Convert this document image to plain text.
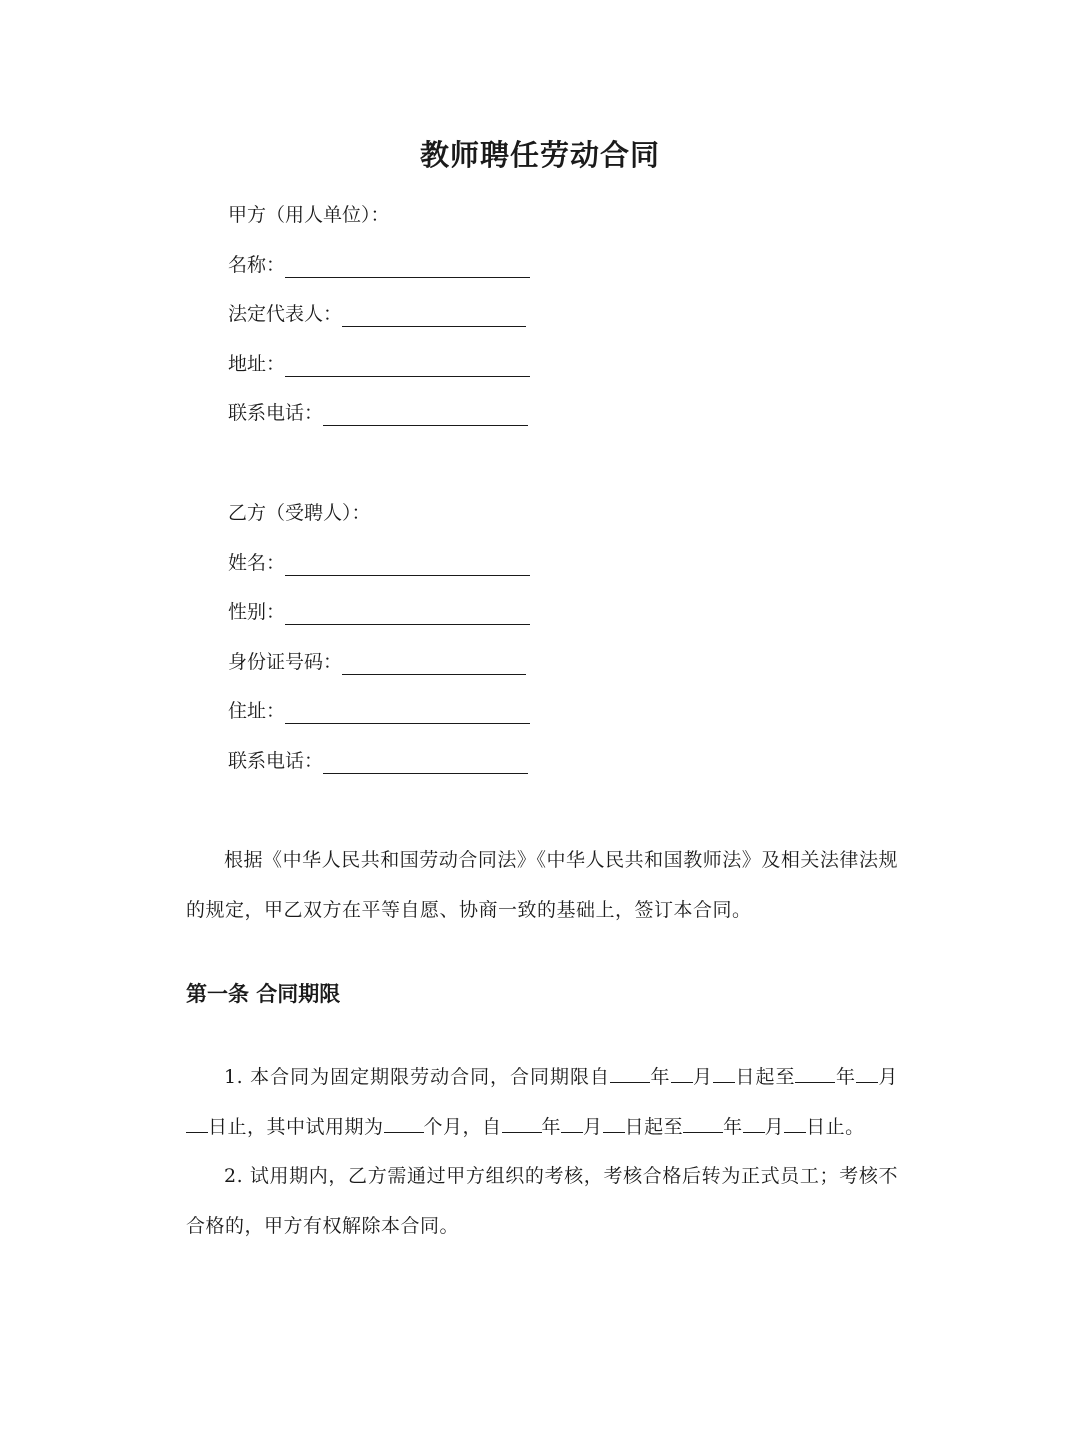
教师聘任劳动合同
甲方（用人单位）：
名称：
法定代表人：
地址：
联系电话：
乙方（受聘人）：
姓名：
性别：
身份证号码：
住址：
联系电话：
根据《中华人民共和国劳动合同法》《中华人民共和国教师法》及相关法律法规的规定，甲乙双方在平等自愿、协商一致的基础上，签订本合同。
第一条 合同期限
1. 本合同为固定期限劳动合同，合同期限自 年 月 日起至 年 月日止，其中试用期为 个月，自 年 月 日起至 年 月 日止。
2. 试用期内，乙方需通过甲方组织的考核，考核合格后转为正式员工；考核不合格的，甲方有权解除本合同。
